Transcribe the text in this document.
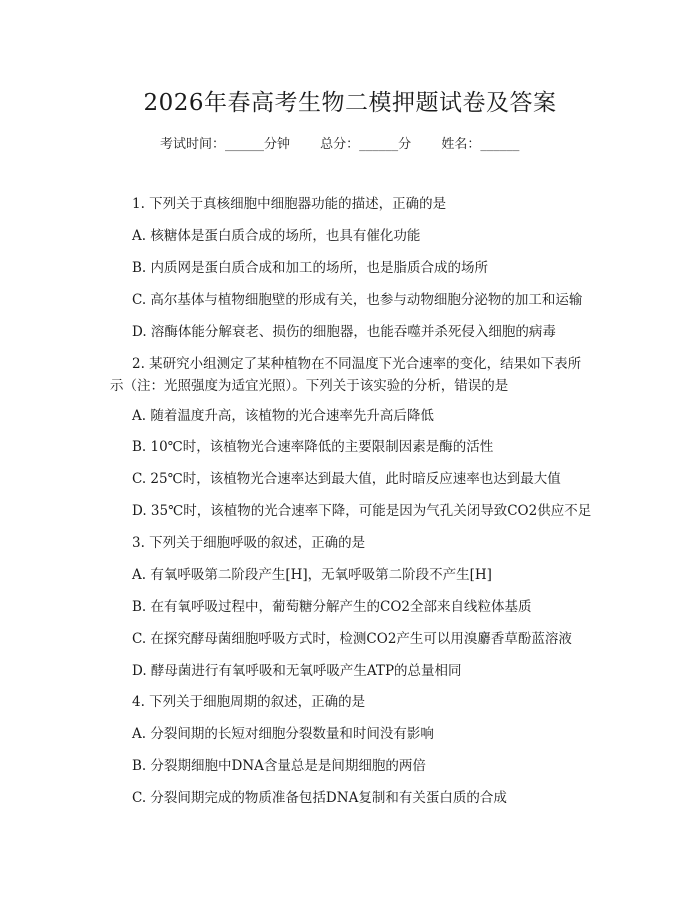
2026年春高考生物二模押题试卷及答案
考试时间：______分钟 总分：______分 姓名：______
1. 下列关于真核细胞中细胞器功能的描述，正确的是
A. 核糖体是蛋白质合成的场所，也具有催化功能
B. 内质网是蛋白质合成和加工的场所，也是脂质合成的场所
C. 高尔基体与植物细胞壁的形成有关，也参与动物细胞分泌物的加工和运输
D. 溶酶体能分解衰老、损伤的细胞器，也能吞噬并杀死侵入细胞的病毒
2. 某研究小组测定了某种植物在不同温度下光合速率的变化，结果如下表所
示（注：光照强度为适宜光照）。下列关于该实验的分析，错误的是
A. 随着温度升高，该植物的光合速率先升高后降低
B. 10℃时，该植物光合速率降低的主要限制因素是酶的活性
C. 25℃时，该植物光合速率达到最大值，此时暗反应速率也达到最大值
D. 35℃时，该植物的光合速率下降，可能是因为气孔关闭导致CO2供应不足
3. 下列关于细胞呼吸的叙述，正确的是
A. 有氧呼吸第二阶段产生[H]，无氧呼吸第二阶段不产生[H]
B. 在有氧呼吸过程中，葡萄糖分解产生的CO2全部来自线粒体基质
C. 在探究酵母菌细胞呼吸方式时，检测CO2产生可以用溴麝香草酚蓝溶液
D. 酵母菌进行有氧呼吸和无氧呼吸产生ATP的总量相同
4. 下列关于细胞周期的叙述，正确的是
A. 分裂间期的长短对细胞分裂数量和时间没有影响
B. 分裂期细胞中DNA含量总是是间期细胞的两倍
C. 分裂间期完成的物质准备包括DNA复制和有关蛋白质的合成
